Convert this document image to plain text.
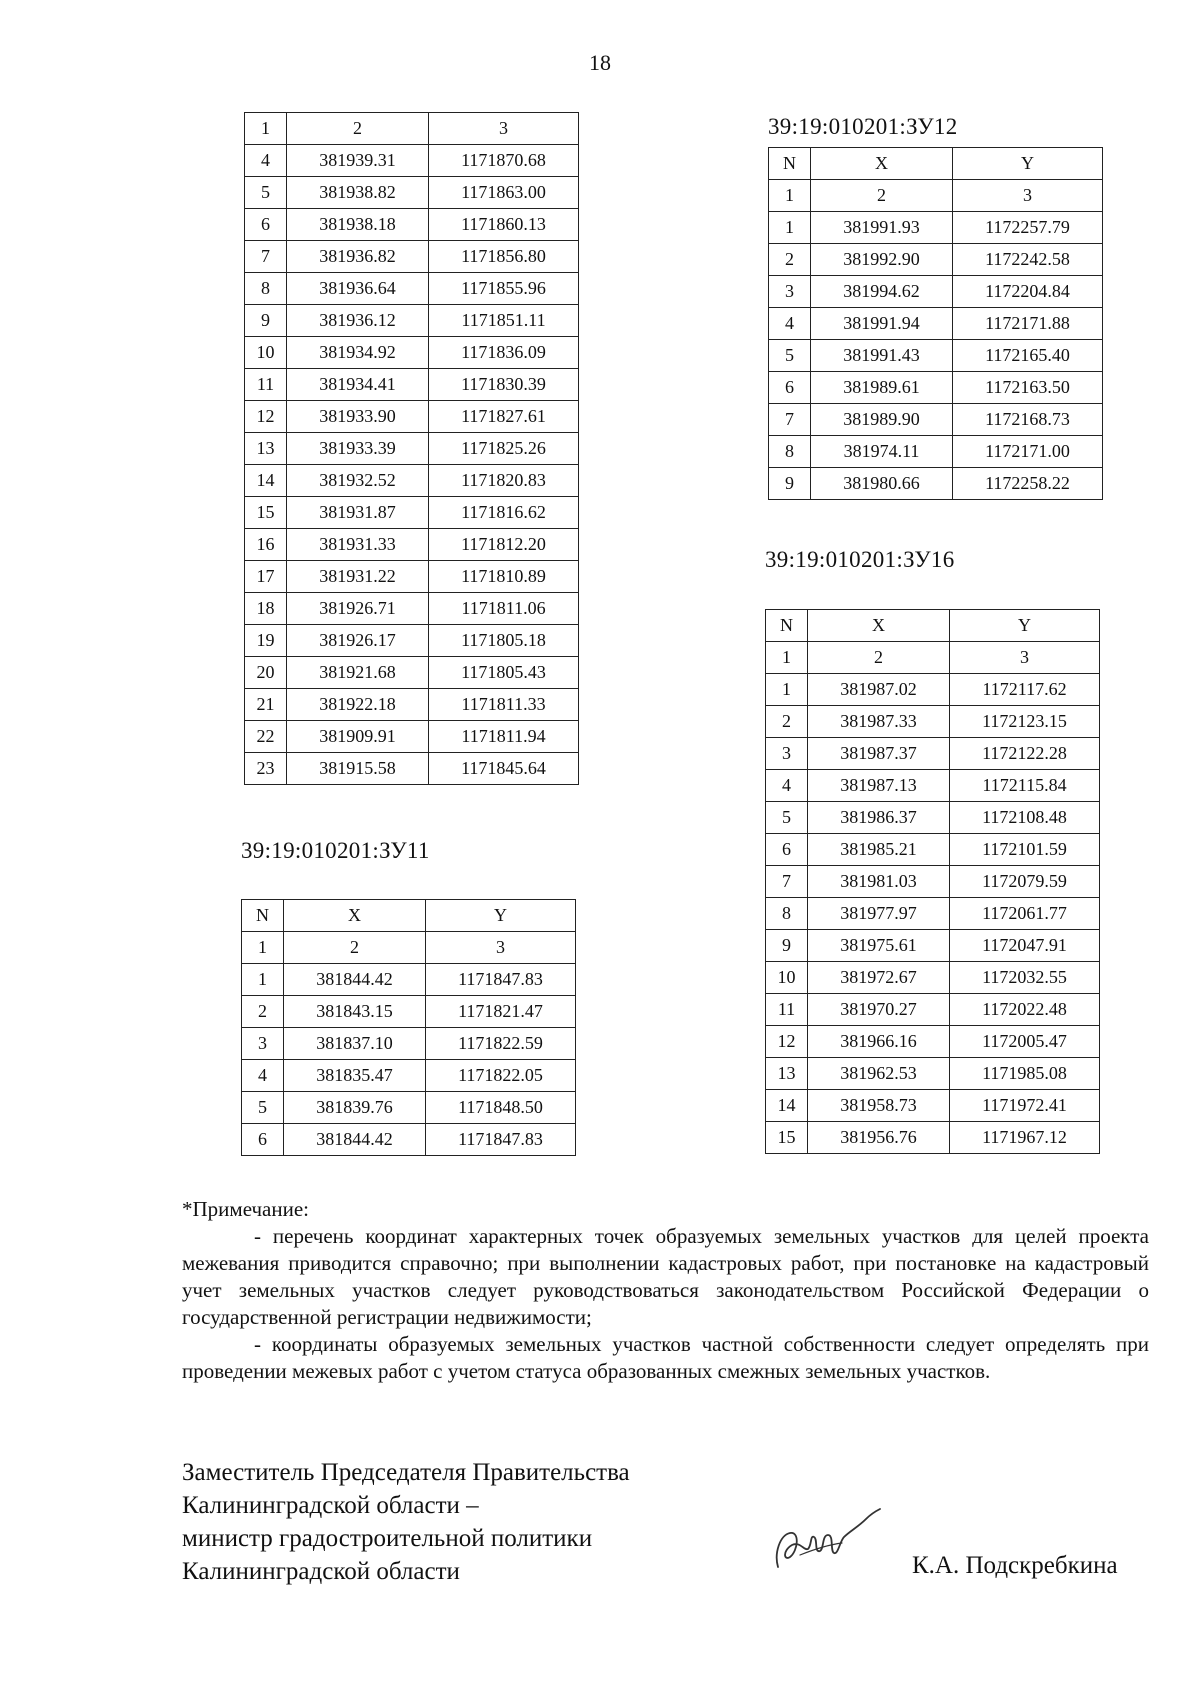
18
1	2	3
4	381939.31	1171870.68
5	381938.82	1171863.00
6	381938.18	1171860.13
7	381936.82	1171856.80
8	381936.64	1171855.96
9	381936.12	1171851.11
10	381934.92	1171836.09
11	381934.41	1171830.39
12	381933.90	1171827.61
13	381933.39	1171825.26
14	381932.52	1171820.83
15	381931.87	1171816.62
16	381931.33	1171812.20
17	381931.22	1171810.89
18	381926.71	1171811.06
19	381926.17	1171805.18
20	381921.68	1171805.43
21	381922.18	1171811.33
22	381909.91	1171811.94
23	381915.58	1171845.64
39:19:010201:ЗУ11
N	X	Y
1	2	3
1	381844.42	1171847.83
2	381843.15	1171821.47
3	381837.10	1171822.59
4	381835.47	1171822.05
5	381839.76	1171848.50
6	381844.42	1171847.83
39:19:010201:ЗУ12
N	X	Y
1	2	3
1	381991.93	1172257.79
2	381992.90	1172242.58
3	381994.62	1172204.84
4	381991.94	1172171.88
5	381991.43	1172165.40
6	381989.61	1172163.50
7	381989.90	1172168.73
8	381974.11	1172171.00
9	381980.66	1172258.22
39:19:010201:ЗУ16
N	X	Y
1	2	3
1	381987.02	1172117.62
2	381987.33	1172123.15
3	381987.37	1172122.28
4	381987.13	1172115.84
5	381986.37	1172108.48
6	381985.21	1172101.59
7	381981.03	1172079.59
8	381977.97	1172061.77
9	381975.61	1172047.91
10	381972.67	1172032.55
11	381970.27	1172022.48
12	381966.16	1172005.47
13	381962.53	1171985.08
14	381958.73	1171972.41
15	381956.76	1171967.12

*Примечание:

- перечень координат характерных точек образуемых земельных участков для целей проекта межевания приводится справочно; при выполнении кадастровых работ, при постановке на кадастровый учет земельных участков следует руководствоваться законодательством Российской Федерации о государственной регистрации недвижимости;

- координаты образуемых земельных участков частной собственности следует определять при проведении межевых работ с учетом статуса образованных смежных земельных участков.

Заместитель Председателя Правительства
Калининградской области –
министр градостроительной политики
Калининградской области	К.А. Подскребкина
